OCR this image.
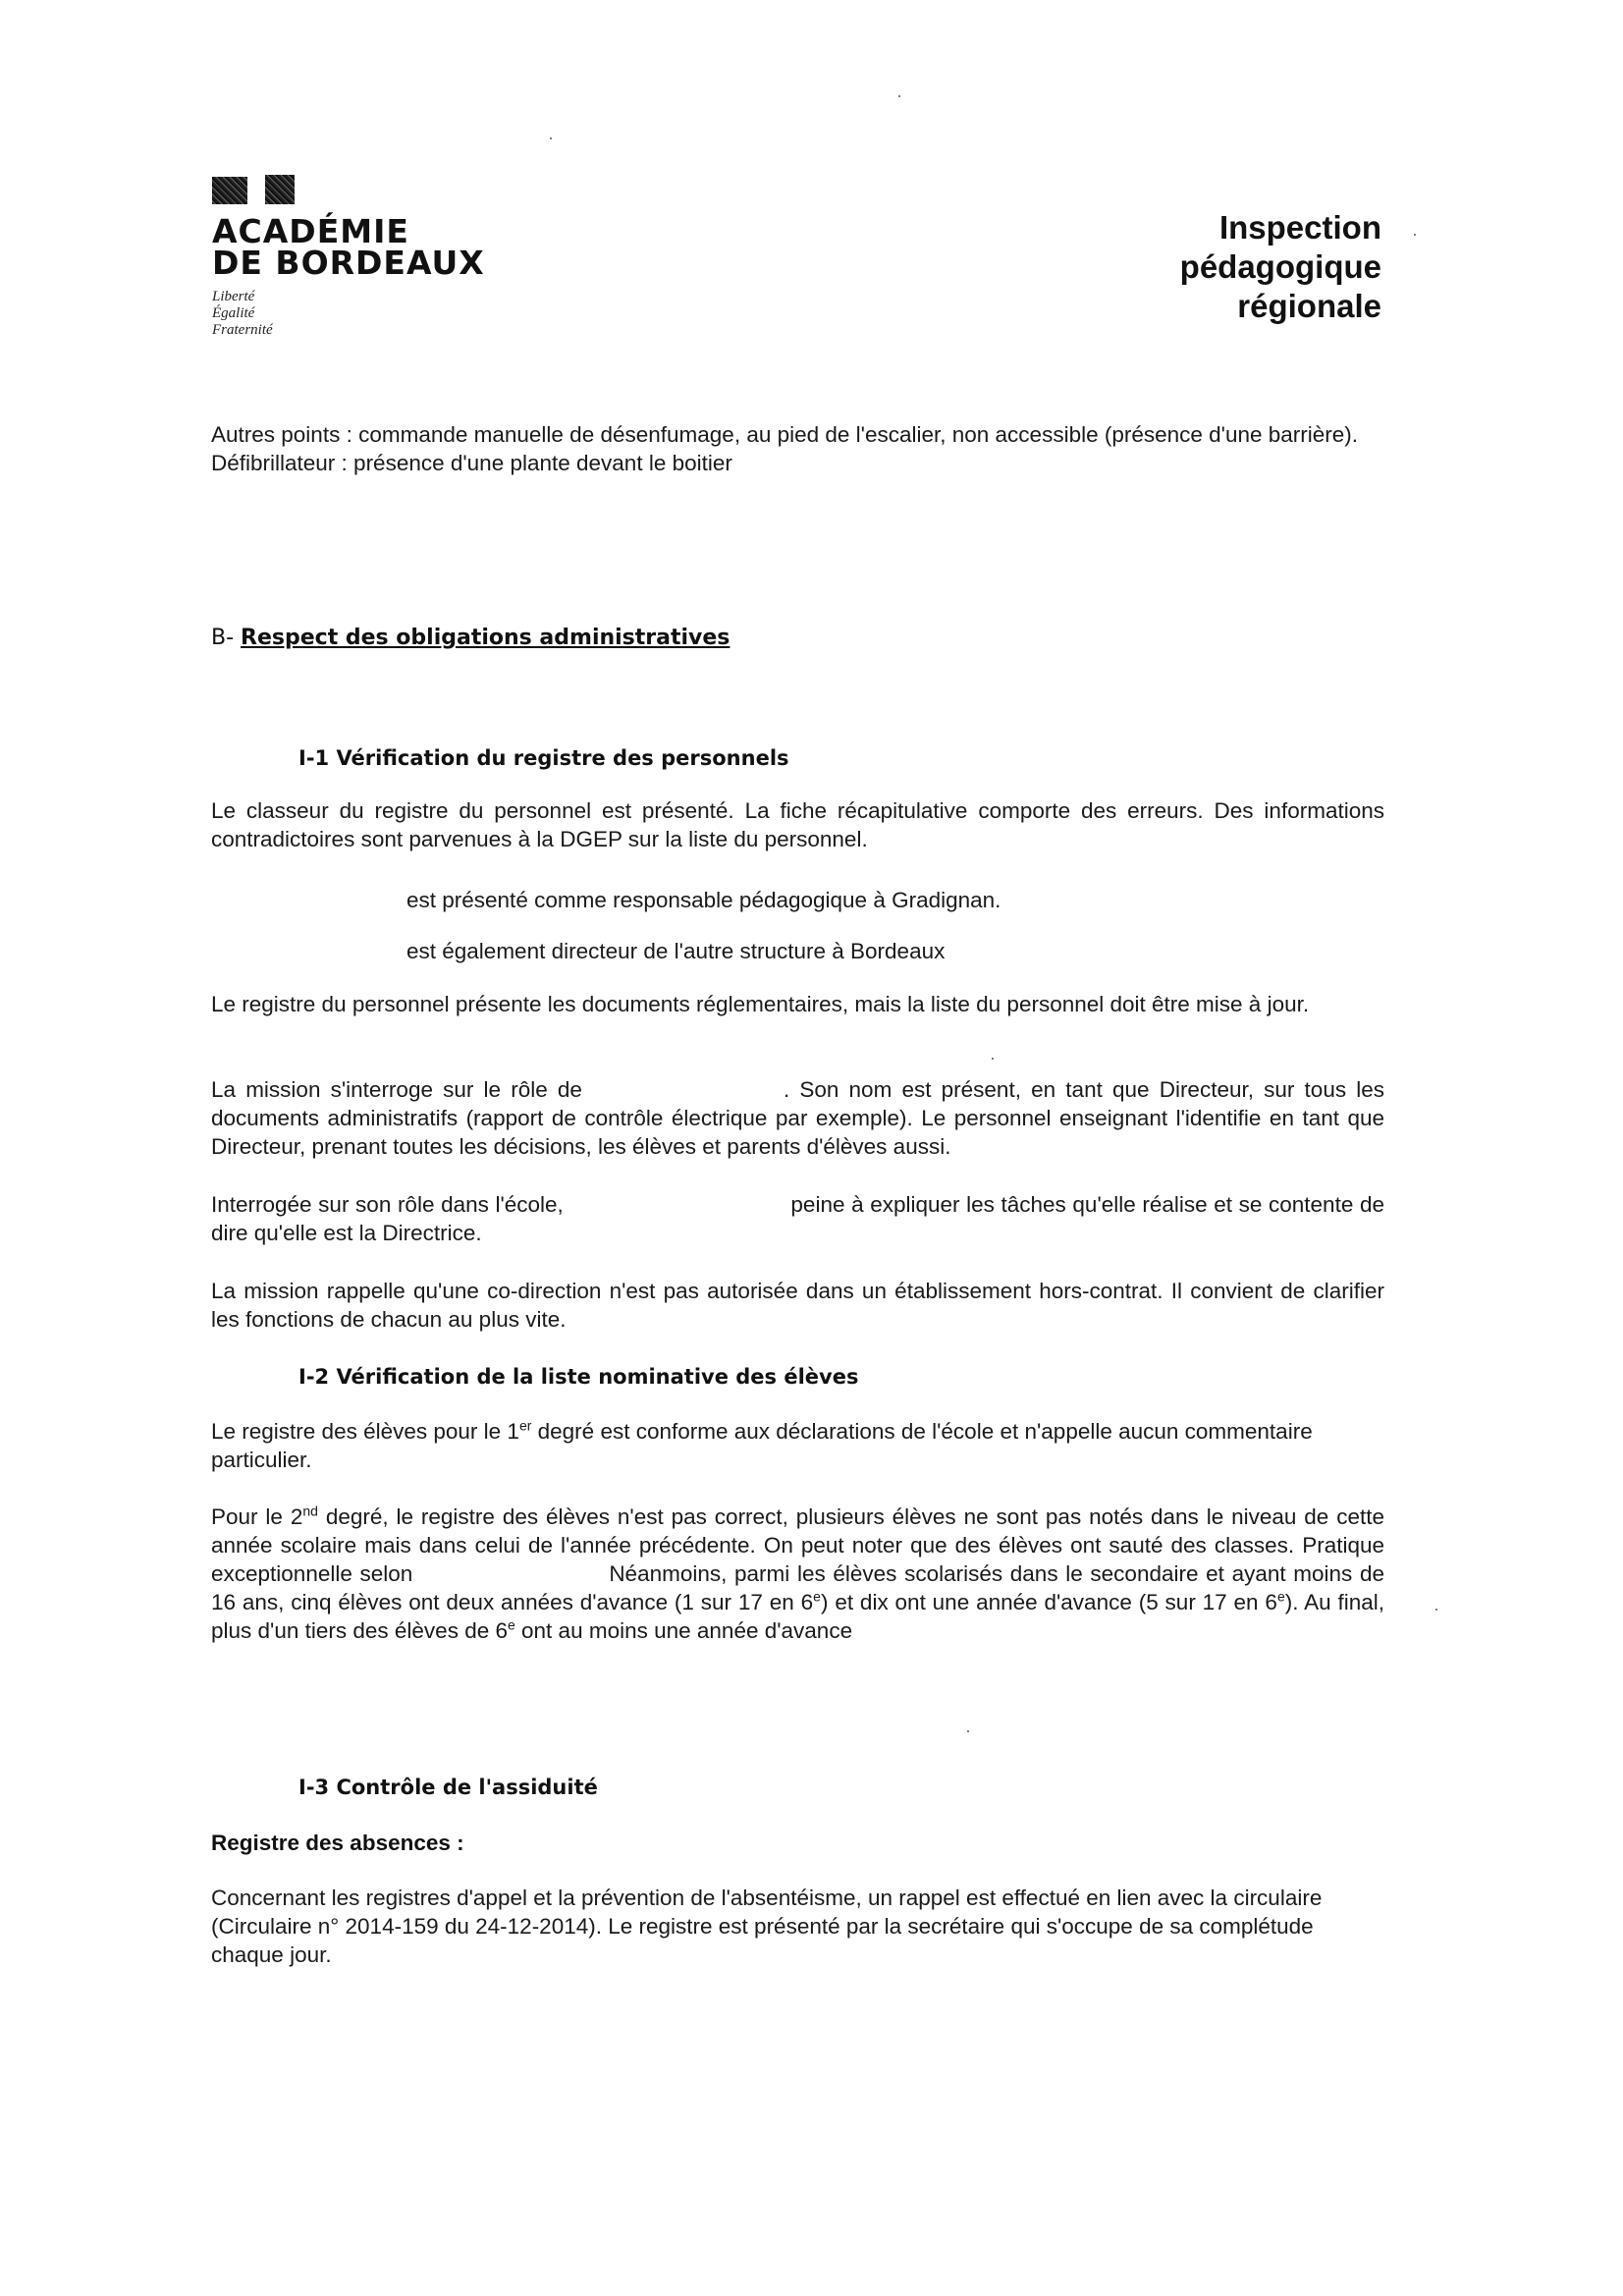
ACADÉMIE
DE BORDEAUX
Liberté
Égalité
Fraternité
Inspection
pédagogique
régionale
Autres points : commande manuelle de désenfumage, au pied de l'escalier, non accessible (présence d'une barrière). Défibrillateur : présence d'une plante devant le boitier
B- Respect des obligations administratives
I-1 Vérification du registre des personnels
Le classeur du registre du personnel est présenté. La fiche récapitulative comporte des erreurs. Des informations contradictoires sont parvenues à la DGEP sur la liste du personnel.
est présenté comme responsable pédagogique à Gradignan.
est également directeur de l'autre structure à Bordeaux
Le registre du personnel présente les documents réglementaires, mais la liste du personnel doit être mise à jour.
La mission s'interroge sur le rôle de	. Son nom est présent, en tant que Directeur, sur tous les documents administratifs (rapport de contrôle électrique par exemple). Le personnel enseignant l'identifie en tant que Directeur, prenant toutes les décisions, les élèves et parents d'élèves aussi.
Interrogée sur son rôle dans l'école,	peine à expliquer les tâches qu'elle réalise et se contente de dire qu'elle est la Directrice.
La mission rappelle qu'une co-direction n'est pas autorisée dans un établissement hors-contrat. Il convient de clarifier les fonctions de chacun au plus vite.
I-2 Vérification de la liste nominative des élèves
Le registre des élèves pour le 1er degré est conforme aux déclarations de l'école et n'appelle aucun commentaire particulier.
Pour le 2nd degré, le registre des élèves n'est pas correct, plusieurs élèves ne sont pas notés dans le niveau de cette année scolaire mais dans celui de l'année précédente. On peut noter que des élèves ont sauté des classes. Pratique exceptionnelle selon	Néanmoins, parmi les élèves scolarisés dans le secondaire et ayant moins de 16 ans, cinq élèves ont deux années d'avance (1 sur 17 en 6e) et dix ont une année d'avance (5 sur 17 en 6e). Au final, plus d'un tiers des élèves de 6e ont au moins une année d'avance
I-3 Contrôle de l'assiduité
Registre des absences :
Concernant les registres d'appel et la prévention de l'absentéisme, un rappel est effectué en lien avec la circulaire (Circulaire n° 2014-159 du 24-12-2014). Le registre est présenté par la secrétaire qui s'occupe de sa complétude chaque jour.
